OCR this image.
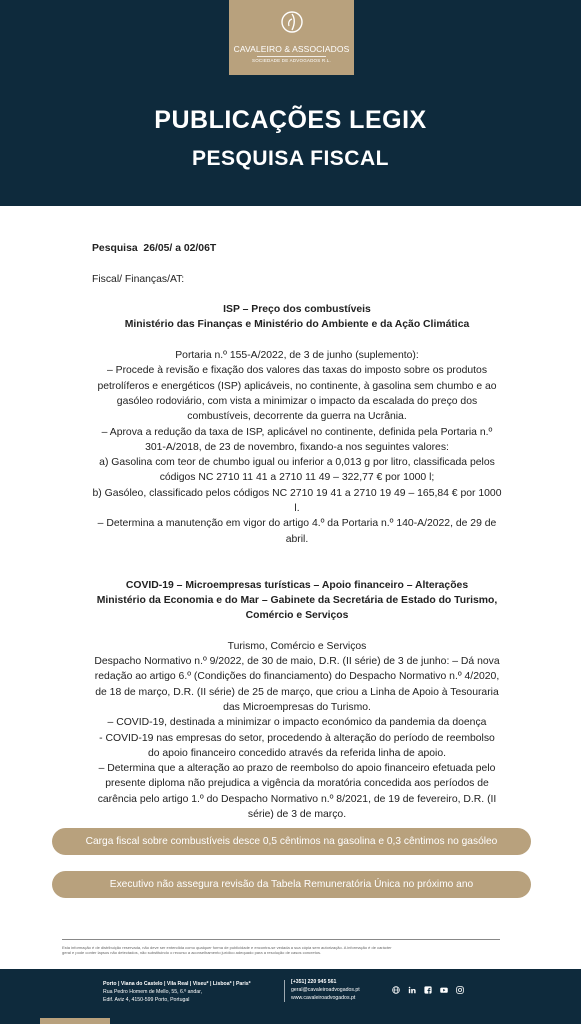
CAVALEIRO & ASSOCIADOS
SOCIEDADE DE ADVOGADOS R.L.
PUBLICAÇÕES LEGIX
PESQUISA FISCAL
Pesquisa 26/05/ a 02/06T
Fiscal/ Finanças/AT:
ISP – Preço dos combustíveis
Ministério das Finanças e Ministério do Ambiente e da Ação Climática
Portaria n.º 155-A/2022, de 3 de junho (suplemento):
– Procede à revisão e fixação dos valores das taxas do imposto sobre os produtos
petrolíferos e energéticos (ISP) aplicáveis, no continente, à gasolina sem chumbo e ao
gasóleo rodoviário, com vista a minimizar o impacto da escalada do preço dos
combustíveis, decorrente da guerra na Ucrânia.
– Aprova a redução da taxa de ISP, aplicável no continente, definida pela Portaria n.º
301-A/2018, de 23 de novembro, fixando-a nos seguintes valores:
a) Gasolina com teor de chumbo igual ou inferior a 0,013 g por litro, classificada pelos
códigos NC 2710 11 41 a 2710 11 49 – 322,77 € por 1000 l;
b) Gasóleo, classificado pelos códigos NC 2710 19 41 a 2710 19 49 – 165,84 € por 1000 l.
– Determina a manutenção em vigor do artigo 4.º da Portaria n.º 140-A/2022, de 29 de
abril.
COVID-19 – Microempresas turísticas – Apoio financeiro – Alterações
Ministério da Economia e do Mar – Gabinete da Secretária de Estado do Turismo,
Comércio e Serviços
Turismo, Comércio e Serviços
Despacho Normativo n.º 9/2022, de 30 de maio, D.R. (II série) de 3 de junho: – Dá nova
redação ao artigo 6.º (Condições do financiamento) do Despacho Normativo n.º 4/2020,
de 18 de março, D.R. (II série) de 25 de março, que criou a Linha de Apoio à Tesouraria
das Microempresas do Turismo.
– COVID-19, destinada a minimizar o impacto económico da pandemia da doença
- COVID-19 nas empresas do setor, procedendo à alteração do período de reembolso
do apoio financeiro concedido através da referida linha de apoio.
– Determina que a alteração ao prazo de reembolso do apoio financeiro efetuada pelo
presente diploma não prejudica a vigência da moratória concedida aos períodos de
carência pelo artigo 1.º do Despacho Normativo n.º 8/2021, de 19 de fevereiro, D.R. (II
série) de 3 de março.
Carga fiscal sobre combustíveis desce 0,5 cêntimos na gasolina e 0,3 cêntimos no gasóleo
Executivo não assegura revisão da Tabela Remuneratória Única no próximo ano
Esta informação é de distribuição reservada, não deve ser entendida como qualquer forma de publicidade e encontra-se vedada a sua cópia sem autorização. A informação é de carácter
geral e pode conter lapsos não detectados, não substituindo o recurso a aconselhamento jurídico adequado para a resolução de casos concretos.
Porto | Viana do Castelo | Vila Real | Viseu* | Lisboa* | Paris*
Rua Pedro Homem de Mello, 55, 6.º andar,
Edif. Aviz 4, 4150-599 Porto, Portugal
[+351] 220 945 561
geral@cavaleiroadvogados.pt
www.cavaleiroadvogados.pt
